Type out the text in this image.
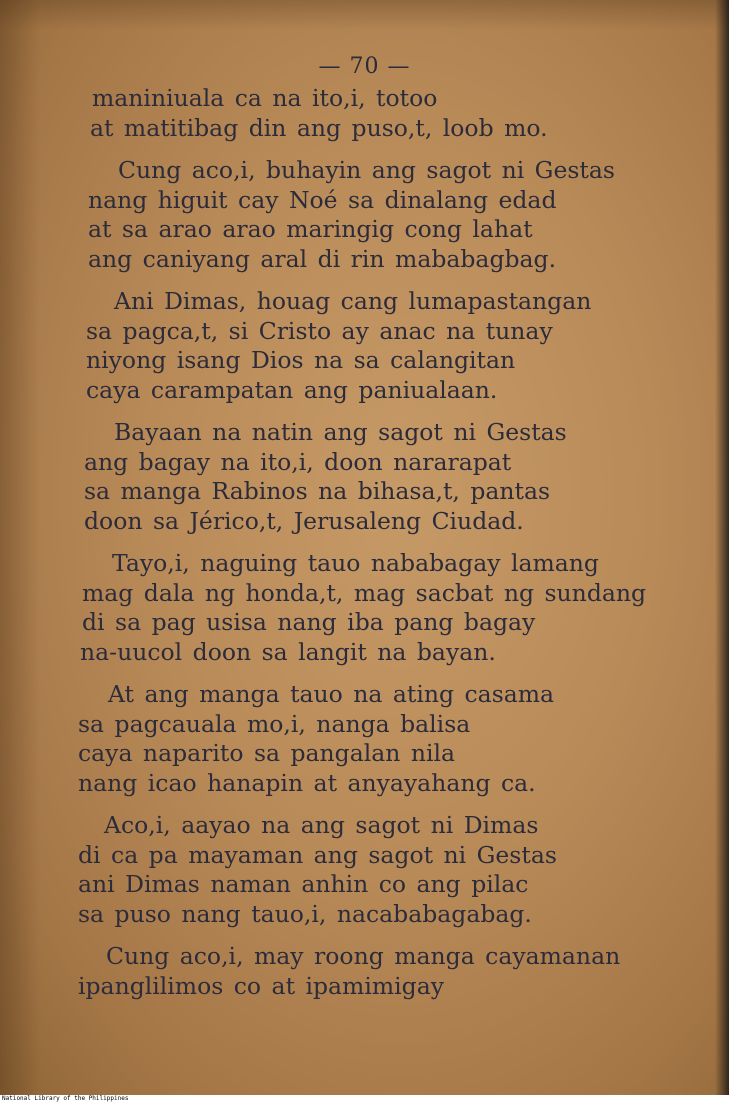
— 70 —
maniniuala ca na ito,i, totoo
at matitibag din ang puso,t, loob mo.
Cung aco,i, buhayin ang sagot ni Gestas
nang higuit cay Noé sa dinalang edad
at sa arao arao maringig cong lahat
ang caniyang aral di rin mababagbag.
Ani Dimas, houag cang lumapastangan
sa pagca,t, si Cristo ay anac na tunay
niyong isang Dios na sa calangitan
caya carampatan ang paniualaan.
Bayaan na natin ang sagot ni Gestas
ang bagay na ito,i, doon nararapat
sa manga Rabinos na bihasa,t, pantas
doon sa Jérico,t, Jerusaleng Ciudad.
Tayo,i, naguing tauo nababagay lamang
mag dala ng honda,t, mag sacbat ng sundang
di sa pag usisa nang iba pang bagay
na-uucol doon sa langit na bayan.
At ang manga tauo na ating casama
sa pagcauala mo,i, nanga balisa
caya naparito sa pangalan nila
nang icao hanapin at anyayahang ca.
Aco,i, aayao na ang sagot ni Dimas
di ca pa mayaman ang sagot ni Gestas
ani Dimas naman anhin co ang pilac
sa puso nang tauo,i, nacababagabag.
Cung aco,i, may roong manga cayamanan
ipanglilimos co at ipamimigay
National Library of the Philippines
